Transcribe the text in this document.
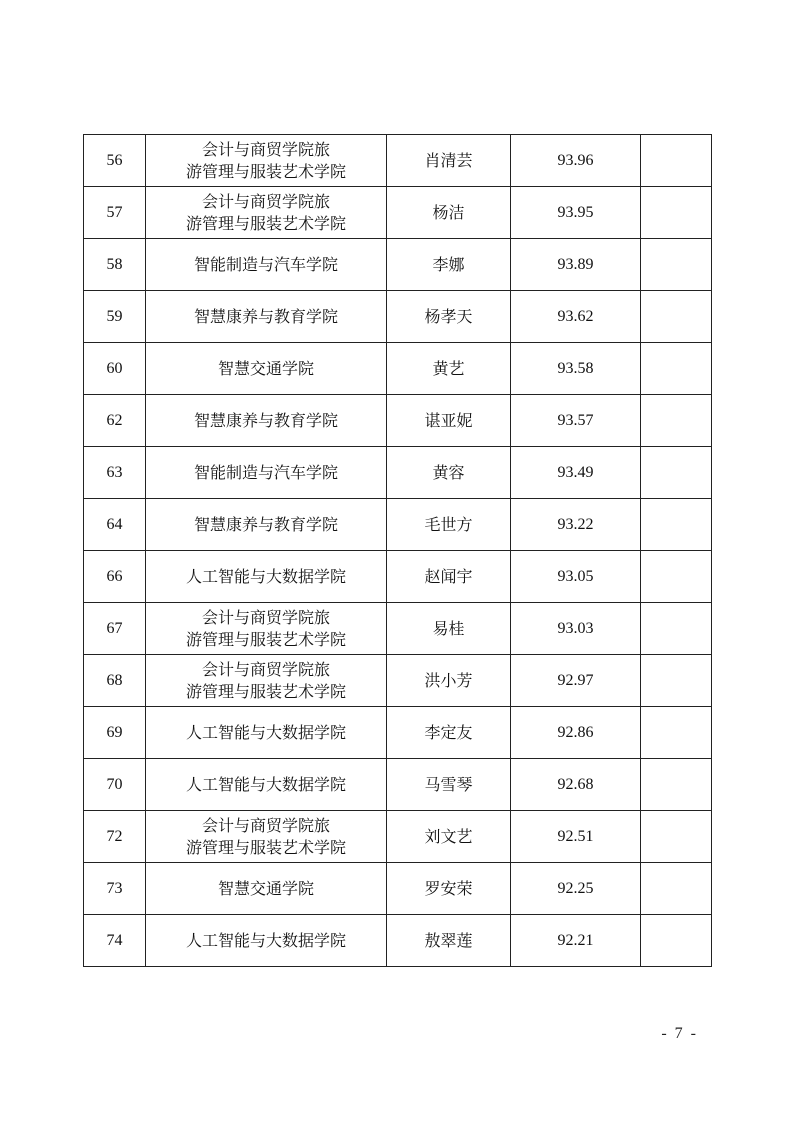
56	会计与商贸学院旅
游管理与服装艺术学院	肖清芸	93.96	
57	会计与商贸学院旅
游管理与服装艺术学院	杨洁	93.95	
58	智能制造与汽车学院	李娜	93.89	
59	智慧康养与教育学院	杨孝天	93.62	
60	智慧交通学院	黄艺	93.58	
62	智慧康养与教育学院	谌亚妮	93.57	
63	智能制造与汽车学院	黄容	93.49	
64	智慧康养与教育学院	毛世方	93.22	
66	人工智能与大数据学院	赵闻宇	93.05	
67	会计与商贸学院旅
游管理与服装艺术学院	易桂	93.03	
68	会计与商贸学院旅
游管理与服装艺术学院	洪小芳	92.97	
69	人工智能与大数据学院	李定友	92.86	
70	人工智能与大数据学院	马雪琴	92.68	
72	会计与商贸学院旅
游管理与服装艺术学院	刘文艺	92.51	
73	智慧交通学院	罗安荣	92.25	
74	人工智能与大数据学院	敖翠莲	92.21	
- 7 -
